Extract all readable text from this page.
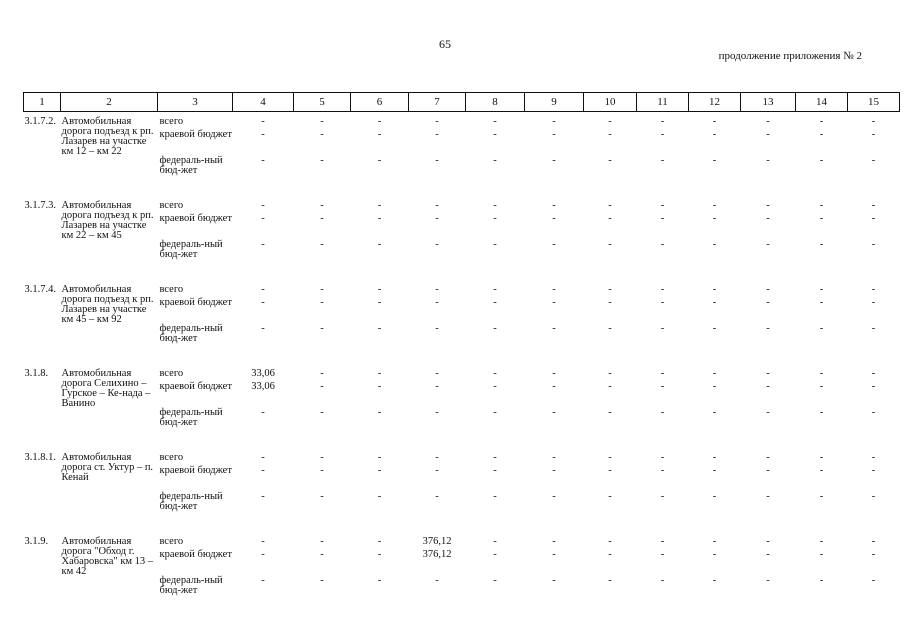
65
продолжение приложения № 2
1	2	3	4	5	6	7	8	9	10	11	12	13	14	15
3.1.7.2.	Автомобильная дорога подъезд к рп. Лазарев на участке км 12 – км 22	всего	-	-	-	-	-	-	-	-	-	-	-	-
		краевой бюджет	-	-	-	-	-	-	-	-	-	-	-	-
		федераль-ный бюд-жет	-	-	-	-	-	-	-	-	-	-	-	-
3.1.7.3.	Автомобильная дорога подъезд к рп. Лазарев на участке км 22 – км 45	всего	-	-	-	-	-	-	-	-	-	-	-	-
		краевой бюджет	-	-	-	-	-	-	-	-	-	-	-	-
		федераль-ный бюд-жет	-	-	-	-	-	-	-	-	-	-	-	-
3.1.7.4.	Автомобильная дорога подъезд к рп. Лазарев на участке км 45 – км 92	всего	-	-	-	-	-	-	-	-	-	-	-	-
		краевой бюджет	-	-	-	-	-	-	-	-	-	-	-	-
		федераль-ный бюд-жет	-	-	-	-	-	-	-	-	-	-	-	-
3.1.8.	Автомобильная дорога Селихино – Гурское – Ке-нада – Ванино	всего	33,06	-	-	-	-	-	-	-	-	-	-	-
		краевой бюджет	33,06	-	-	-	-	-	-	-	-	-	-	-
		федераль-ный бюд-жет	-	-	-	-	-	-	-	-	-	-	-	-
3.1.8.1.	Автомобильная дорога ст. Уктур – п. Кенай	всего	-	-	-	-	-	-	-	-	-	-	-	-
		краевой бюджет	-	-	-	-	-	-	-	-	-	-	-	-
		федераль-ный бюд-жет	-	-	-	-	-	-	-	-	-	-	-	-
3.1.9.	Автомобильная дорога "Обход г. Хабаровска" км 13 – км 42	всего	-	-	-	376,12	-	-	-	-	-	-	-	-
		краевой бюджет	-	-	-	376,12	-	-	-	-	-	-	-	-
		федераль-ный бюд-жет	-	-	-	-	-	-	-	-	-	-	-	-
